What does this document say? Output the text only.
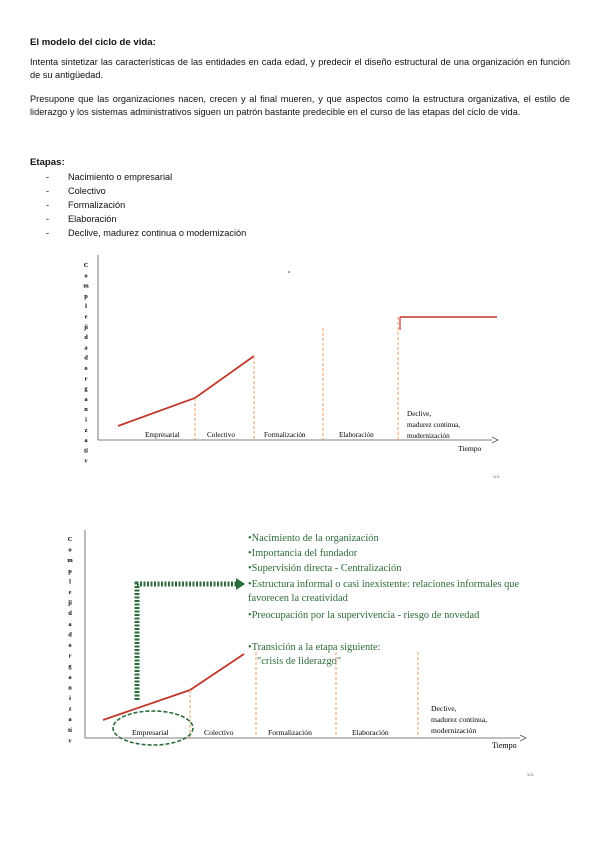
El modelo del ciclo de vida:
Intenta sintetizar las características de las entidades en cada edad, y predecir el diseño estructural de una organización en función de su antigüedad.
Presupone que las organizaciones nacen, crecen y al final mueren, y que aspectos como la estructura organizativa, el estilo de liderazgo y los sistemas administrativos siguen un patrón bastante predecible en el curso de las etapas del ciclo de vida.
Etapas:
- Nacimiento o empresarial
- Colectivo
- Formalización
- Elaboración
- Declive, madurez continua o modernización
C
o
m
p
l
e
ji
d
a
d
o
r
g
a
n
i
z
a
ti
v
Empresarial	Colectivo	Formalización	Elaboración
Declive,
madurez continua,
modernización
Tiempo
ঌ৯
C
o
m
p
l
e
ji
d
a
d
o
r
g
a
n
i
z
a
ti
v
Empresarial	Colectivo	Formalización	Elaboración
Declive,
madurez continua,
modernización
Tiempo
ঌ৯
•Nacimiento de la organización
•Importancia del fundador
•Supervisión directa - Centralización
•Estructura informal o casi inexistente: relaciones informales que favorecen la creatividad
•Preocupación por la supervivencia - riesgo de novedad
•Transición a la etapa siguiente:
"crisis de liderazgo"
